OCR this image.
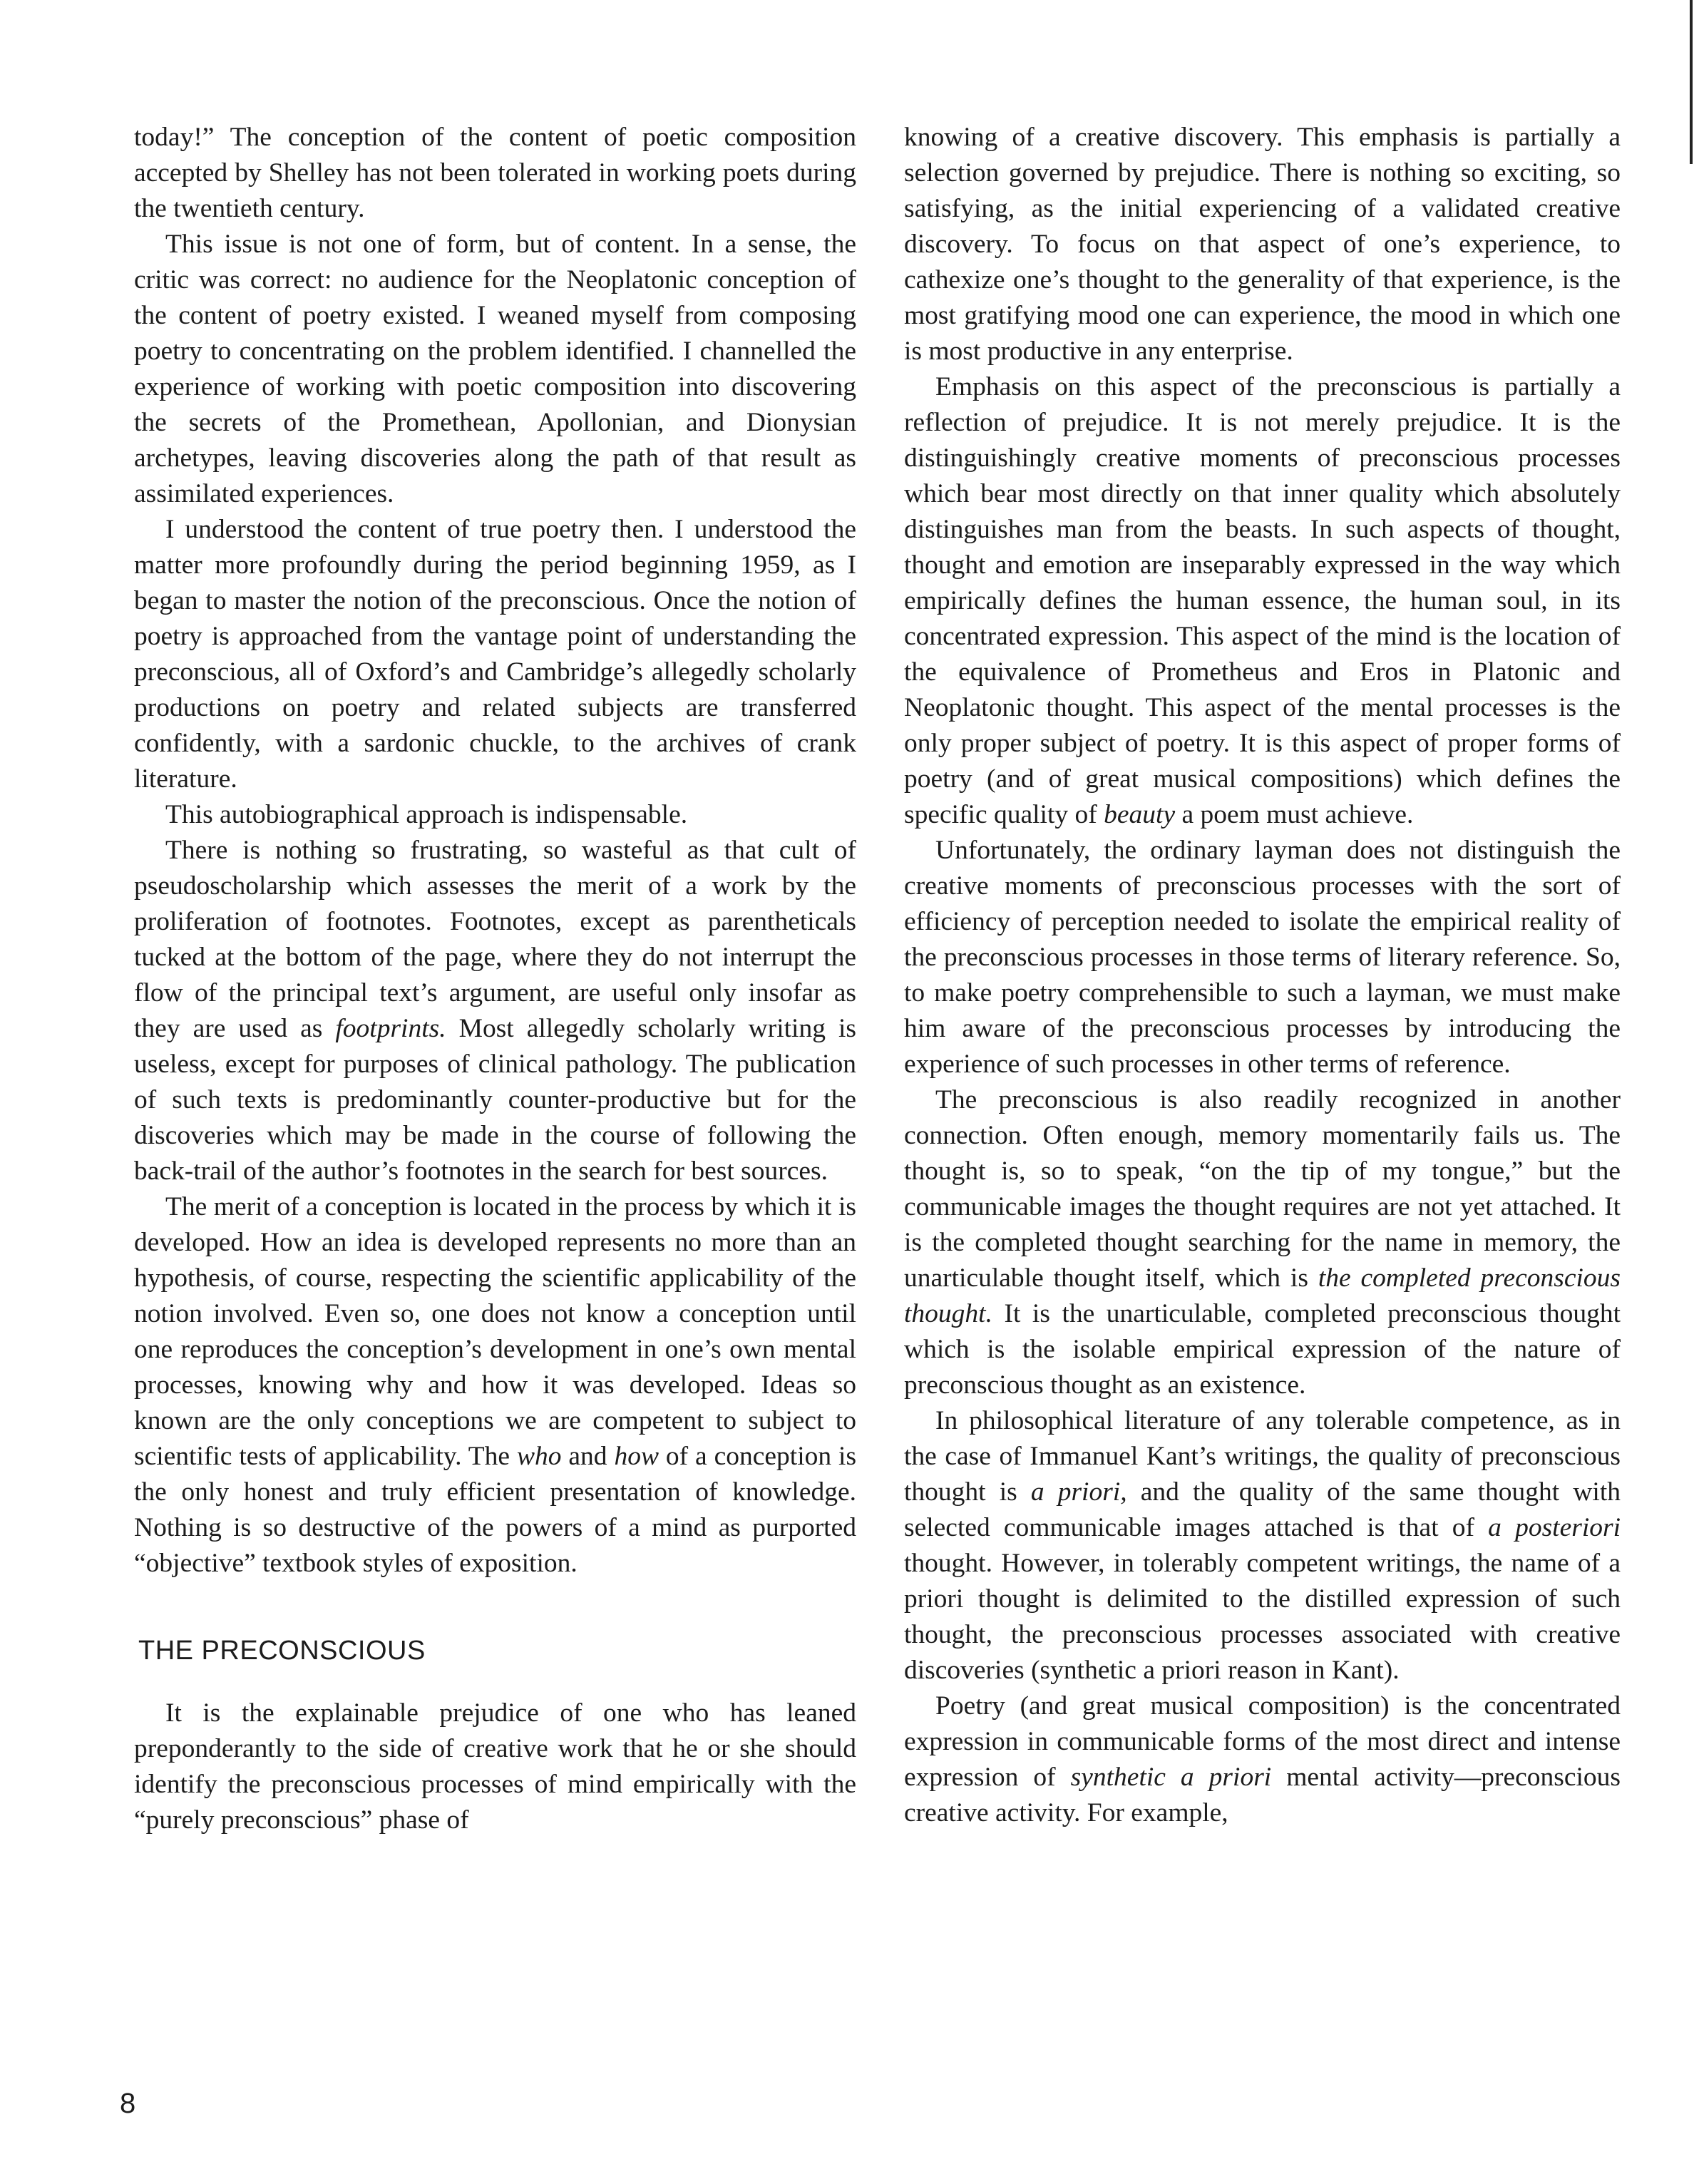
today!” The conception of the content of poetic composition accepted by Shelley has not been tolerated in working poets during the twentieth century.

This issue is not one of form, but of content. In a sense, the critic was correct: no audience for the Neoplatonic conception of the content of poetry existed. I weaned myself from composing poetry to concentrating on the problem identified. I channelled the experience of working with poetic composition into discovering the secrets of the Promethean, Apollonian, and Dionysian archetypes, leaving discoveries along the path of that result as assimilated experiences.

I understood the content of true poetry then. I understood the matter more profoundly during the period beginning 1959, as I began to master the notion of the preconscious. Once the notion of poetry is approached from the vantage point of understanding the preconscious, all of Oxford’s and Cambridge’s allegedly scholarly productions on poetry and related subjects are transferred confidently, with a sardonic chuckle, to the archives of crank literature.

This autobiographical approach is indispensable.

There is nothing so frustrating, so wasteful as that cult of pseudoscholarship which assesses the merit of a work by the proliferation of footnotes. Footnotes, except as parentheticals tucked at the bottom of the page, where they do not interrupt the flow of the principal text’s argument, are useful only insofar as they are used as footprints. Most allegedly scholarly writing is useless, except for purposes of clinical pathology. The publication of such texts is predominantly counter-productive but for the discoveries which may be made in the course of following the back-trail of the author’s footnotes in the search for best sources.

The merit of a conception is located in the process by which it is developed. How an idea is developed represents no more than an hypothesis, of course, respecting the scientific applicability of the notion involved. Even so, one does not know a conception until one reproduces the conception’s development in one’s own mental processes, knowing why and how it was developed. Ideas so known are the only conceptions we are competent to subject to scientific tests of applicability. The who and how of a conception is the only honest and truly efficient presentation of knowledge. Nothing is so destructive of the powers of a mind as purported “objective” textbook styles of exposition.

THE PRECONSCIOUS

It is the explainable prejudice of one who has leaned preponderantly to the side of creative work that he or she should identify the preconscious processes of mind empirically with the “purely preconscious” phase of

knowing of a creative discovery. This emphasis is partially a selection governed by prejudice. There is nothing so exciting, so satisfying, as the initial experiencing of a validated creative discovery. To focus on that aspect of one’s experience, to cathexize one’s thought to the generality of that experience, is the most gratifying mood one can experience, the mood in which one is most productive in any enterprise.

Emphasis on this aspect of the preconscious is partially a reflection of prejudice. It is not merely prejudice. It is the distinguishingly creative moments of preconscious processes which bear most directly on that inner quality which absolutely distinguishes man from the beasts. In such aspects of thought, thought and emotion are inseparably expressed in the way which empirically defines the human essence, the human soul, in its concentrated expression. This aspect of the mind is the location of the equivalence of Prometheus and Eros in Platonic and Neoplatonic thought. This aspect of the mental processes is the only proper subject of poetry. It is this aspect of proper forms of poetry (and of great musical compositions) which defines the specific quality of beauty a poem must achieve.

Unfortunately, the ordinary layman does not distinguish the creative moments of preconscious processes with the sort of efficiency of perception needed to isolate the empirical reality of the preconscious processes in those terms of literary reference. So, to make poetry comprehensible to such a layman, we must make him aware of the preconscious processes by introducing the experience of such processes in other terms of reference.

The preconscious is also readily recognized in another connection. Often enough, memory momentarily fails us. The thought is, so to speak, “on the tip of my tongue,” but the communicable images the thought requires are not yet attached. It is the completed thought searching for the name in memory, the unarticulable thought itself, which is the completed preconscious thought. It is the unarticulable, completed preconscious thought which is the isolable empirical expression of the nature of preconscious thought as an existence.

In philosophical literature of any tolerable competence, as in the case of Immanuel Kant’s writings, the quality of preconscious thought is a priori, and the quality of the same thought with selected communicable images attached is that of a posteriori thought. However, in tolerably competent writings, the name of a priori thought is delimited to the distilled expression of such thought, the preconscious processes associated with creative discoveries (synthetic a priori reason in Kant).

Poetry (and great musical composition) is the concentrated expression in communicable forms of the most direct and intense expression of synthetic a priori mental activity—preconscious creative activity. For example,

8
